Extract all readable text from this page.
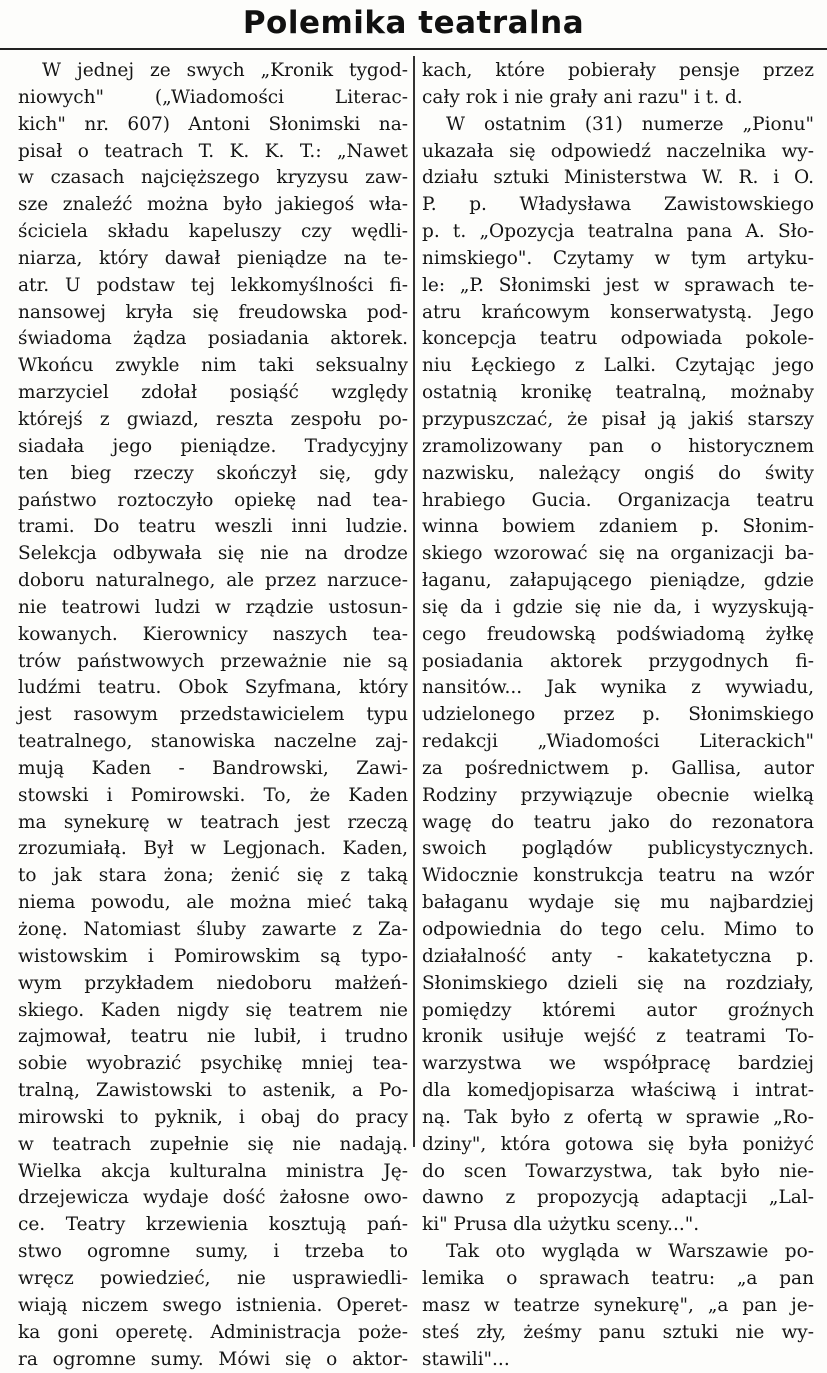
Polemika teatralna
W jednej ze swych „Kronik tygod-
niowych" („Wiadomości Literac-
kich" nr. 607) Antoni Słonimski na-
pisał o teatrach T. K. K. T.: „Nawet
w czasach najcięższego kryzysu zaw-
sze znaleźć można było jakiegoś wła-
ściciela składu kapeluszy czy wędli-
niarza, który dawał pieniądze na te-
atr. U podstaw tej lekkomyślności fi-
nansowej kryła się freudowska pod-
świadoma żądza posiadania aktorek.
Wkońcu zwykle nim taki seksualny
marzyciel zdołał posiąść względy
którejś z gwiazd, reszta zespołu po-
siadała jego pieniądze. Tradycyjny
ten bieg rzeczy skończył się, gdy
państwo roztoczyło opiekę nad tea-
trami. Do teatru weszli inni ludzie.
Selekcja odbywała się nie na drodze
doboru naturalnego, ale przez narzuce-
nie teatrowi ludzi w rządzie ustosun-
kowanych. Kierownicy naszych tea-
trów państwowych przeważnie nie są
ludźmi teatru. Obok Szyfmana, który
jest rasowym przedstawicielem typu
teatralnego, stanowiska naczelne zaj-
mują Kaden - Bandrowski, Zawi-
stowski i Pomirowski. To, że Kaden
ma synekurę w teatrach jest rzeczą
zrozumiałą. Był w Legjonach. Kaden,
to jak stara żona; żenić się z taką
niema powodu, ale można mieć taką
żonę. Natomiast śluby zawarte z Za-
wistowskim i Pomirowskim są typo-
wym przykładem niedoboru małżeń-
skiego. Kaden nigdy się teatrem nie
zajmował, teatru nie lubił, i trudno
sobie wyobrazić psychikę mniej tea-
tralną, Zawistowski to astenik, a Po-
mirowski to pyknik, i obaj do pracy
w teatrach zupełnie się nie nadają.
Wielka akcja kulturalna ministra Ję-
drzejewicza wydaje dość żałosne owo-
ce. Teatry krzewienia kosztują pań-
stwo ogromne sumy, i trzeba to
wręcz powiedzieć, nie usprawiedli-
wiają niczem swego istnienia. Operet-
ka goni operetę. Administracja poże-
ra ogromne sumy. Mówi się o aktor-
kach, które pobierały pensje przez
cały rok i nie grały ani razu" i t. d.
W ostatnim (31) numerze „Pionu"
ukazała się odpowiedź naczelnika wy-
działu sztuki Ministerstwa W. R. i O.
P. p. Władysława Zawistowskiego
p. t. „Opozycja teatralna pana A. Sło-
nimskiego". Czytamy w tym artyku-
le: „P. Słonimski jest w sprawach te-
atru krańcowym konserwatystą. Jego
koncepcja teatru odpowiada pokole-
niu Łęckiego z Lalki. Czytając jego
ostatnią kronikę teatralną, możnaby
przypuszczać, że pisał ją jakiś starszy
zramolizowany pan o historycznem
nazwisku, należący ongiś do świty
hrabiego Gucia. Organizacja teatru
winna bowiem zdaniem p. Słonim-
skiego wzorować się na organizacji ba-
łaganu, załapującego pieniądze, gdzie
się da i gdzie się nie da, i wyzyskują-
cego freudowską podświadomą żyłkę
posiadania aktorek przygodnych fi-
nansitów... Jak wynika z wywiadu,
udzielonego przez p. Słonimskiego
redakcji „Wiadomości Literackich"
za pośrednictwem p. Gallisa, autor
Rodziny przywiązuje obecnie wielką
wagę do teatru jako do rezonatora
swoich poglądów publicystycznych.
Widocznie konstrukcja teatru na wzór
bałaganu wydaje się mu najbardziej
odpowiednia do tego celu. Mimo to
działalność anty - kakatetyczna p.
Słonimskiego dzieli się na rozdziały,
pomiędzy któremi autor groźnych
kronik usiłuje wejść z teatrami To-
warzystwa we współpracę bardziej
dla komedjopisarza właściwą i intrat-
ną. Tak było z ofertą w sprawie „Ro-
dziny", która gotowa się była poniżyć
do scen Towarzystwa, tak było nie-
dawno z propozycją adaptacji „Lal-
ki" Prusa dla użytku sceny...".
Tak oto wygląda w Warszawie po-
lemika o sprawach teatru: „a pan
masz w teatrze synekurę", „a pan je-
steś zły, żeśmy panu sztuki nie wy-
stawili"...
